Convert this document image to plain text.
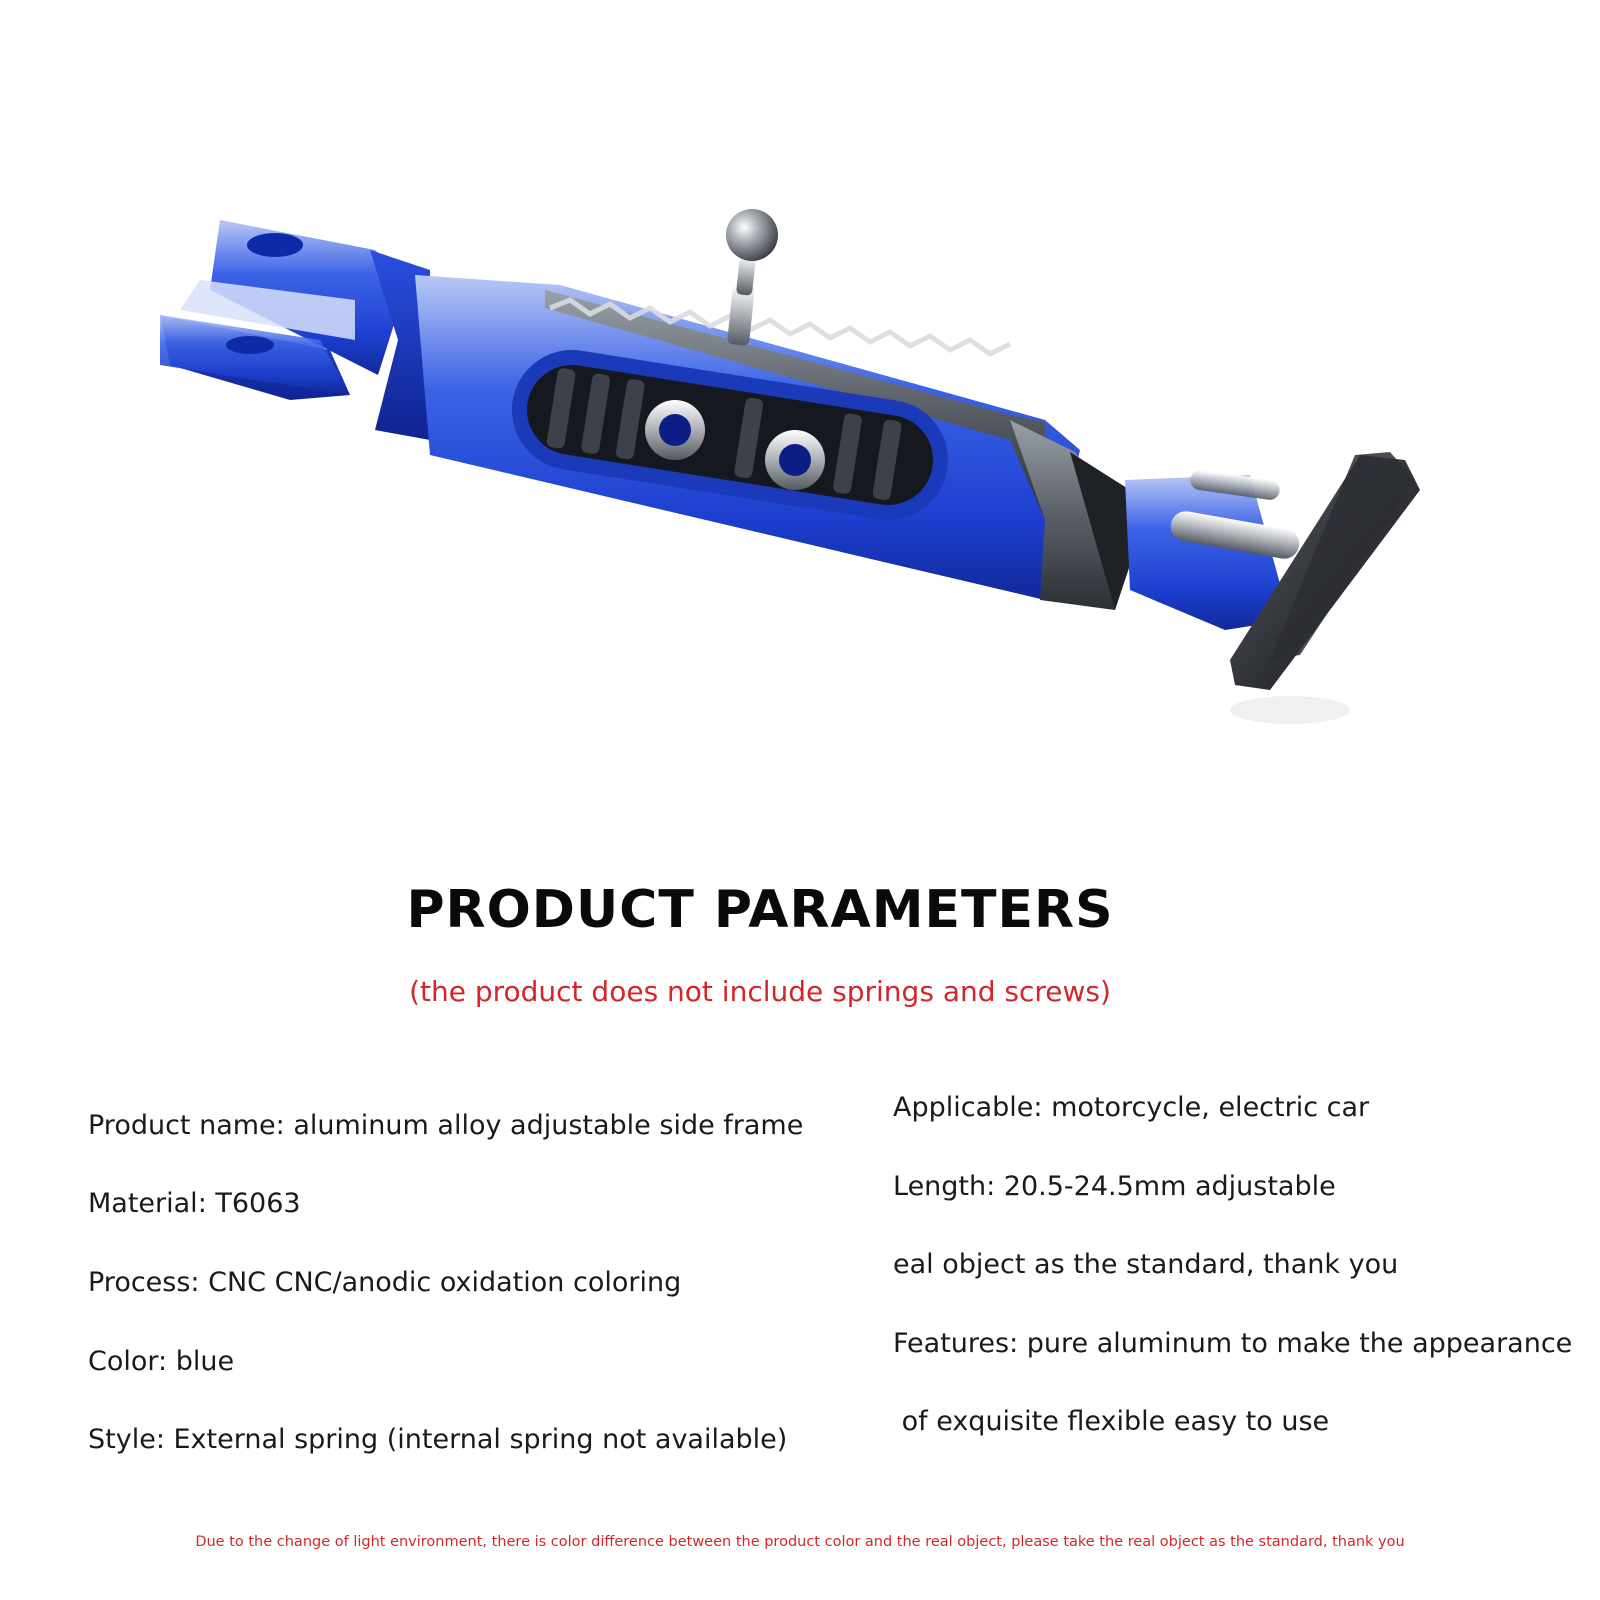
PRODUCT PARAMETERS
(the product does not include springs and screws)
Product name: aluminum alloy adjustable side frame
Material: T6063
Process: CNC CNC/anodic oxidation coloring
Color: blue
Style: External spring (internal spring not available)
Applicable: motorcycle, electric car
Length: 20.5-24.5mm adjustable
eal object as the standard, thank you
Features: pure aluminum to make the appearance
of exquisite flexible easy to use
Due to the change of light environment, there is color difference between the product color and the real object, please take the real object as the standard, thank you
